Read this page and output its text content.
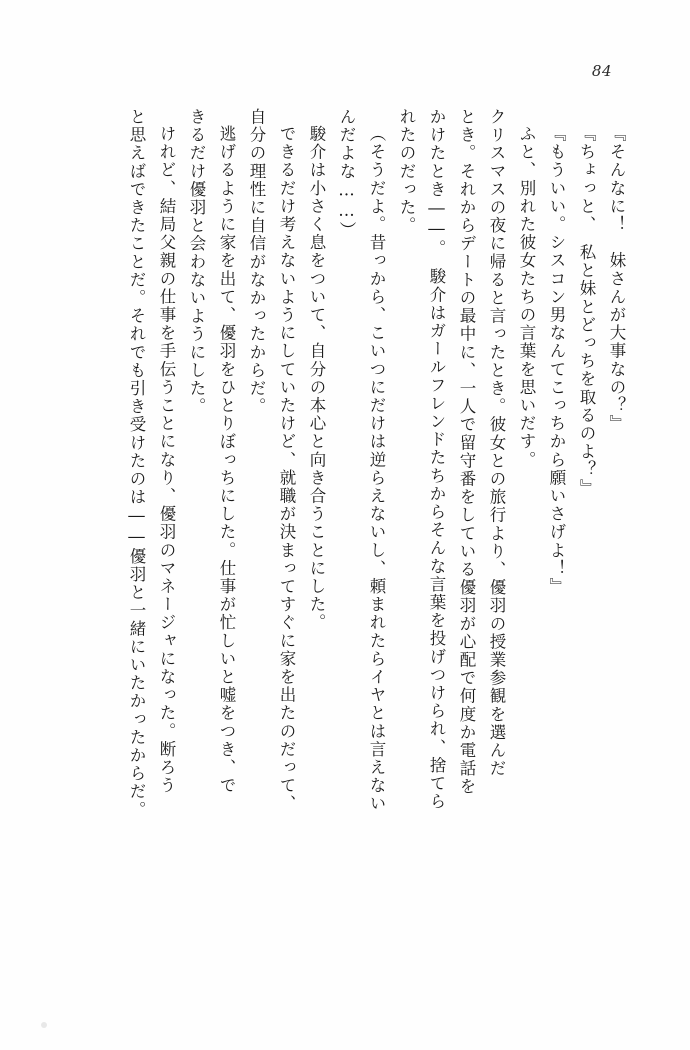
84
『そんなに！　妹さんが大事なの？』
『ちょっと、　私と妹とどっちを取るのよ？』
『もういい。シスコン男なんてこっちから願いさげよ！』
ふと、別れた彼女たちの言葉を思いだす。
クリスマスの夜に帰ると言ったとき。彼女との旅行より、優羽の授業参観を選んだ
とき。それからデートの最中に、一人で留守番をしている優羽が心配で何度か電話を
かけたとき――。　駿介はガールフレンドたちからそんな言葉を投げつけられ、捨てら
れたのだった。
（そうだよ。昔っから、こいつにだけは逆らえないし、頼まれたらイヤとは言えない
んだよな……）
駿介は小さく息をついて、自分の本心と向き合うことにした。
できるだけ考えないようにしていたけど、就職が決まってすぐに家を出たのだって、
自分の理性に自信がなかったからだ。
逃げるように家を出て、優羽をひとりぼっちにした。仕事が忙しいと嘘をつき、で
きるだけ優羽と会わないようにした。
けれど、結局父親の仕事を手伝うことになり、優羽のマネージャになった。断ろう
と思えばできたことだ。それでも引き受けたのは――優羽と一緒にいたかったからだ。
